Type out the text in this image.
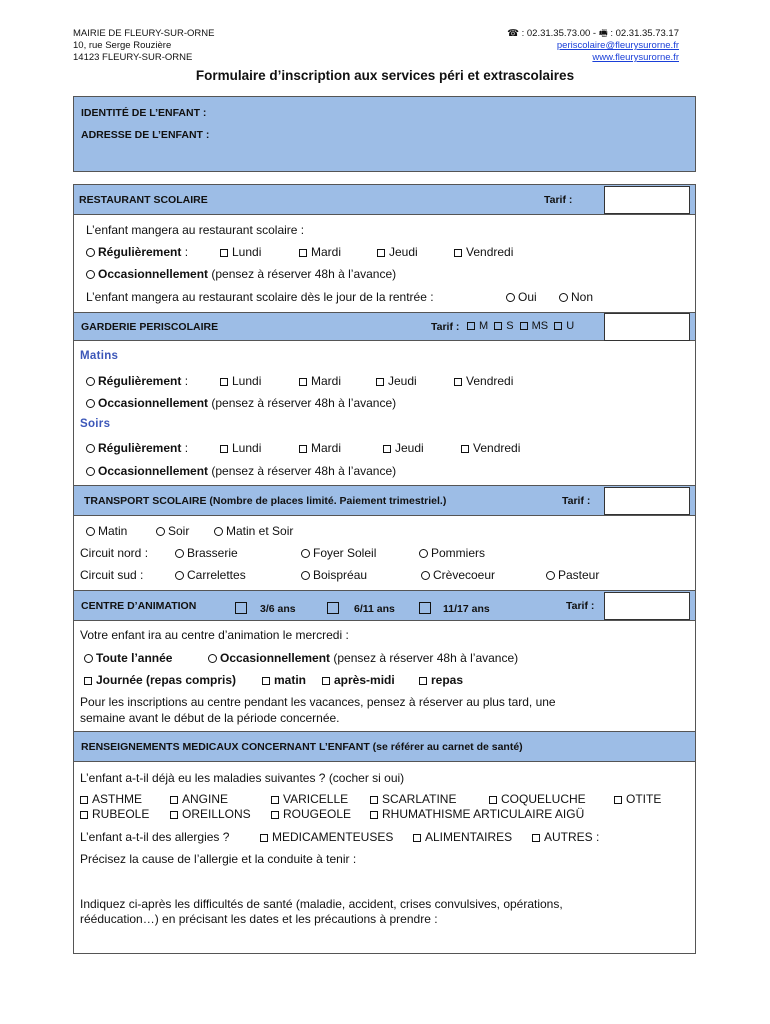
MAIRIE DE FLEURY-SUR-ORNE
10, rue Serge Rouzière
14123 FLEURY-SUR-ORNE
☎ : 02.31.35.73.00 - 🖷 : 02.31.35.73.17
periscolaire@fleurysurorne.fr
www.fleurysurorne.fr
Formulaire d’inscription aux services péri et extrascolaires
IDENTITÉ DE L’ENFANT :
ADRESSE DE L’ENFANT :
RESTAURANT SCOLAIRE	Tarif :
L’enfant mangera au restaurant scolaire :
Régulièrement :	Lundi	Mardi	Jeudi	Vendredi
Occasionnellement (pensez à réserver 48h à l’avance)
L’enfant mangera au restaurant scolaire dès le jour de la rentrée :	Oui	Non
GARDERIE PERISCOLAIRE	Tarif :	M S MS U
Matins
Régulièrement :	Lundi	Mardi	Jeudi	Vendredi
Occasionnellement (pensez à réserver 48h à l’avance)
Soirs
Régulièrement :	Lundi	Mardi	Jeudi	Vendredi
Occasionnellement (pensez à réserver 48h à l’avance)
TRANSPORT SCOLAIRE (Nombre de places limité. Paiement trimestriel.)	Tarif :
Matin	Soir	Matin et Soir
Circuit nord :	Brasserie	Foyer Soleil	Pommiers
Circuit sud :	Carrelettes	Boispréau	Crèvecoeur	Pasteur
CENTRE D’ANIMATION	3/6 ans	6/11 ans	11/17 ans	Tarif :
Votre enfant ira au centre d’animation le mercredi :
Toute l’année	Occasionnellement (pensez à réserver 48h à l’avance)
Journée (repas compris)	matin	après-midi	repas
Pour les inscriptions au centre pendant les vacances, pensez à réserver au plus tard, une
semaine avant le début de la période concernée.
RENSEIGNEMENTS MEDICAUX CONCERNANT L’ENFANT (se référer au carnet de santé)
L’enfant a-t-il déjà eu les maladies suivantes ? (cocher si oui)
ASTHME	ANGINE	VARICELLE	SCARLATINE	COQUELUCHE	OTITE
RUBEOLE	OREILLONS	ROUGEOLE	RHUMATHISME ARTICULAIRE AIGÜ
L’enfant a-t-il des allergies ?	MEDICAMENTEUSES	ALIMENTAIRES	AUTRES :
Précisez la cause de l’allergie et la conduite à tenir :
Indiquez ci-après les difficultés de santé (maladie, accident, crises convulsives, opérations,
rééducation…) en précisant les dates et les précautions à prendre :
